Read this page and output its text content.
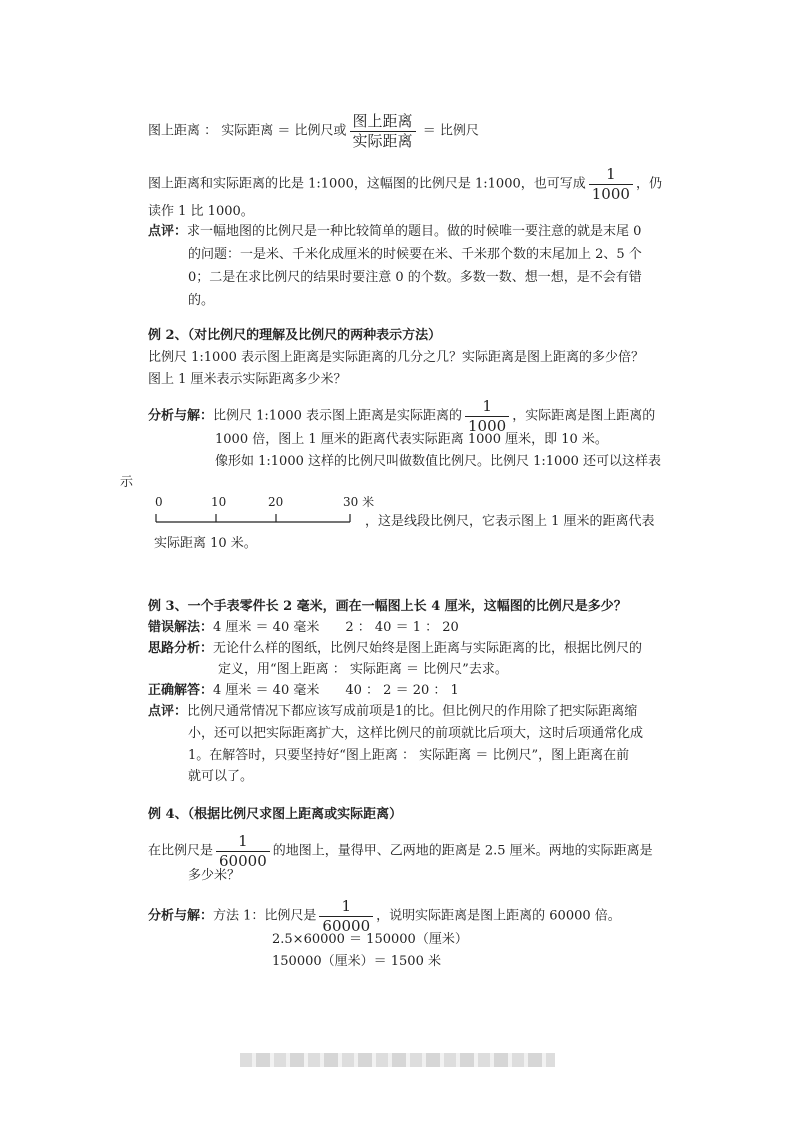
图上距离 ： 实际距离 ＝ 比例尺或 $\frac{\text{图上距离}}{\text{实际距离}}$ ＝ 比例尺
图上距离和实际距离的比是 1:1000，这幅图的比例尺是 1:1000，也可写成 $\frac{1}{1000}$ ，仍
读作 1 比 1000。
点评：求一幅地图的比例尺是一种比较简单的题目。做的时候唯一要注意的就是末尾 0
的问题：一是米、千米化成厘米的时候要在米、千米那个数的末尾加上 2、5 个
0；二是在求比例尺的结果时要注意 0 的个数。多数一数、想一想，是不会有错
的。
例 2、（对比例尺的理解及比例尺的两种表示方法）
比例尺 1:1000 表示图上距离是实际距离的几分之几？实际距离是图上距离的多少倍？
图上 1 厘米表示实际距离多少米？
分析与解：比例尺 1:1000 表示图上距离是实际距离的 $\frac{1}{1000}$ ，实际距离是图上距离的
1000 倍，图上 1 厘米的距离代表实际距离 1000 厘米，即 10 米。
像形如 1:1000 这样的比例尺叫做数值比例尺。比例尺 1:1000 还可以这样表
示
0	10	20	30 米
，这是线段比例尺，它表示图上 1 厘米的距离代表
实际距离 10 米。
例 3、一个手表零件长 2 毫米，画在一幅图上长 4 厘米，这幅图的比例尺是多少？
错误解法：4 厘米 ＝ 40 毫米　　2 ： 40 ＝ 1 ： 20
思路分析：无论什么样的图纸，比例尺始终是图上距离与实际距离的比，根据比例尺的
定义，用“图上距离 ： 实际距离 ＝ 比例尺”去求。
正确解答：4 厘米 ＝ 40 毫米　　40 ： 2 ＝ 20 ： 1
点评：比例尺通常情况下都应该写成前项是1的比。但比例尺的作用除了把实际距离缩
小，还可以把实际距离扩大，这样比例尺的前项就比后项大，这时后项通常化成
1。在解答时，只要坚持好“图上距离 ： 实际距离 ＝ 比例尺”，图上距离在前
就可以了。
例 4、（根据比例尺求图上距离或实际距离）
在比例尺是 $\frac{1}{60000}$ 的地图上，量得甲、乙两地的距离是 2.5 厘米。两地的实际距离是
多少米？
分析与解：方法 1：比例尺是 $\frac{1}{60000}$ ，说明实际距离是图上距离的 60000 倍。
2.5×60000 ＝ 150000（厘米）
150000（厘米）＝ 1500 米
